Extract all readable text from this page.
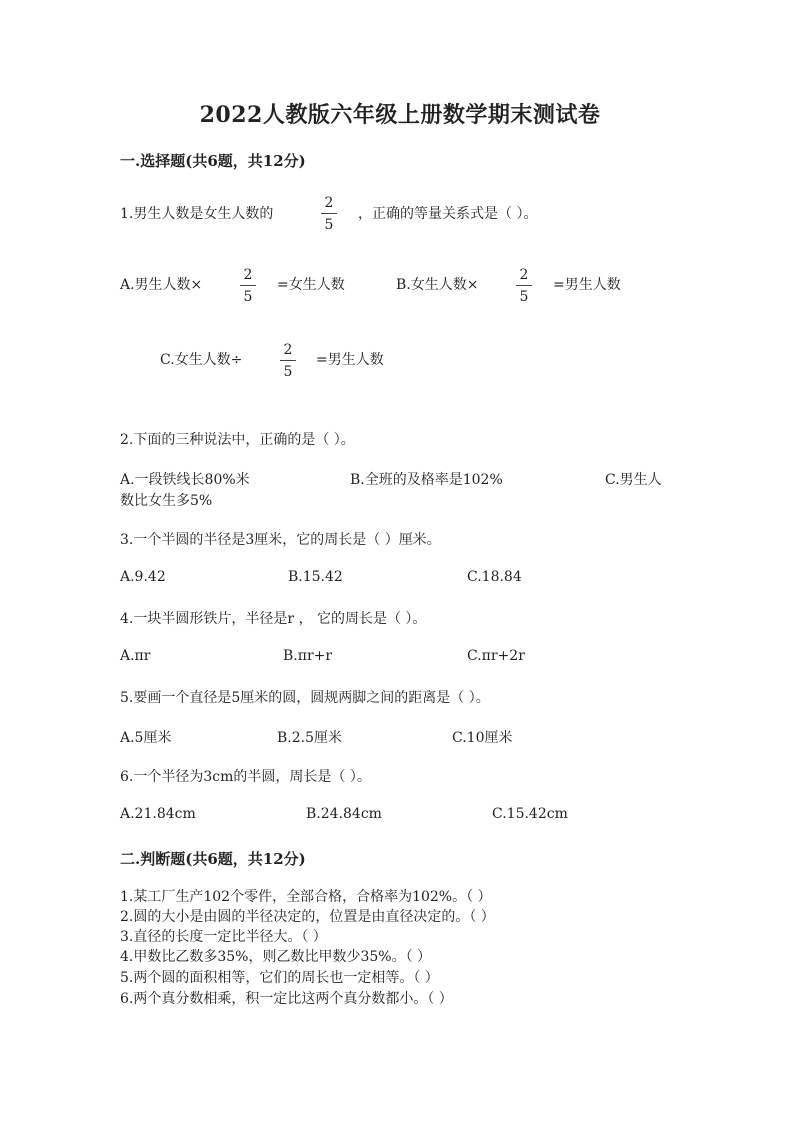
2022人教版六年级上册数学期末测试卷
一.选择题(共6题，共12分)
1.男生人数是女生人数的
2
5
，正确的等量关系式是（ ）。
A.男生人数×
2
5
=女生人数	B.女生人数×
2
5
=男生人数
C.女生人数÷
2
5
=男生人数
2.下面的三种说法中，正确的是（ ）。
A.一段铁线长80%米	B.全班的及格率是102%	C.男生人
数比女生多5%
3.一个半圆的半径是3厘米，它的周长是（ ）厘米。
A.9.42	B.15.42	C.18.84
4.一块半圆形铁片，半径是r ， 它的周长是（ ）。
A.πr	B.πr+r	C.πr+2r
5.要画一个直径是5厘米的圆，圆规两脚之间的距离是（ ）。
A.5厘米	B.2.5厘米	C.10厘米
6.一个半径为3cm的半圆，周长是（ ）。
A.21.84cm	B.24.84cm	C.15.42cm
二.判断题(共6题，共12分)
1.某工厂生产102个零件，全部合格，合格率为102%。（ ）
2.圆的大小是由圆的半径决定的，位置是由直径决定的。（ ）
3.直径的长度一定比半径大。（ ）
4.甲数比乙数多35%，则乙数比甲数少35%。（ ）
5.两个圆的面积相等，它们的周长也一定相等。（ ）
6.两个真分数相乘，积一定比这两个真分数都小。（ ）
